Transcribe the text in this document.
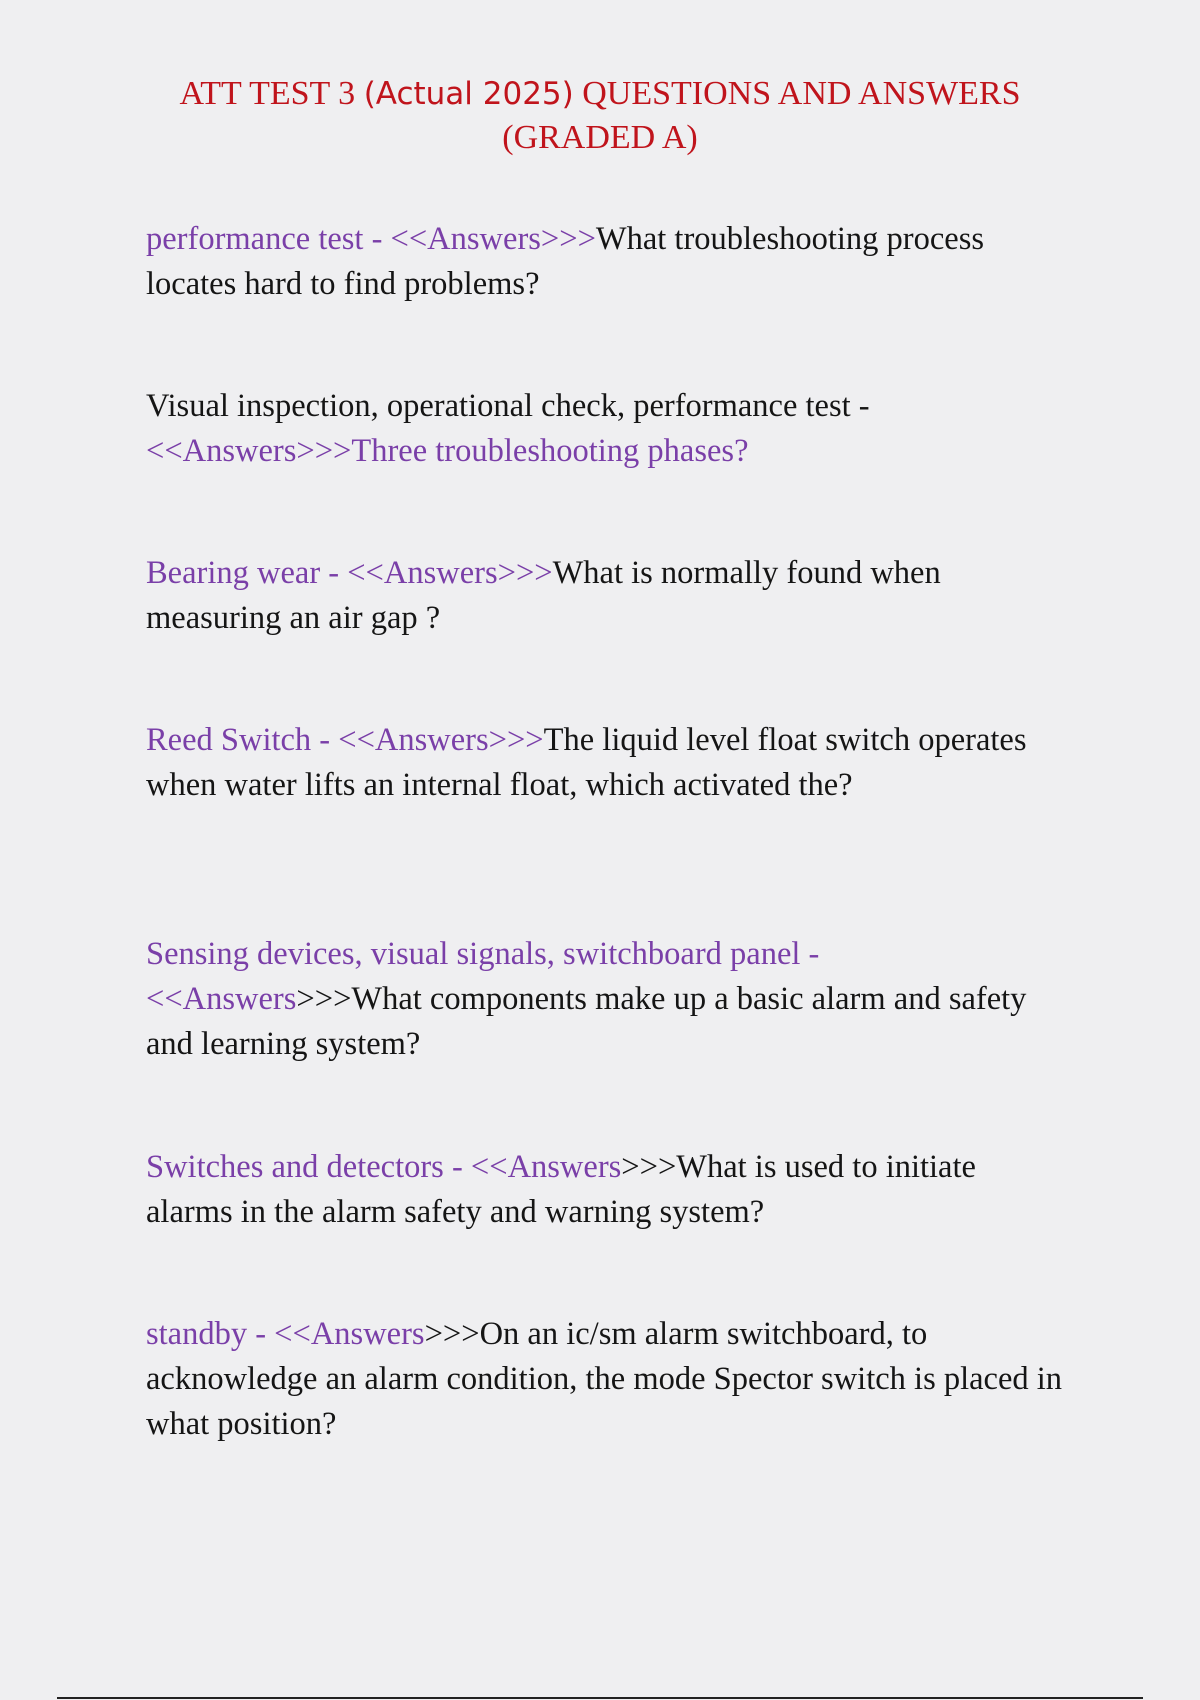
ATT TEST 3 (Actual 2025) QUESTIONS AND ANSWERS
(GRADED A)

performance test - <<Answers>>>What troubleshooting process locates hard to find problems?

Visual inspection, operational check, performance test - <<Answers>>>Three troubleshooting phases?

Bearing wear - <<Answers>>>What is normally found when measuring an air gap ?

Reed Switch - <<Answers>>>The liquid level float switch operates when water lifts an internal float, which activated the?

Sensing devices, visual signals, switchboard panel - <<Answers>>>What components make up a basic alarm and safety and learning system?

Switches and detectors - <<Answers>>>What is used to initiate alarms in the alarm safety and warning system?

standby - <<Answers>>>On an ic/sm alarm switchboard, to acknowledge an alarm condition, the mode Spector switch is placed in what position?
